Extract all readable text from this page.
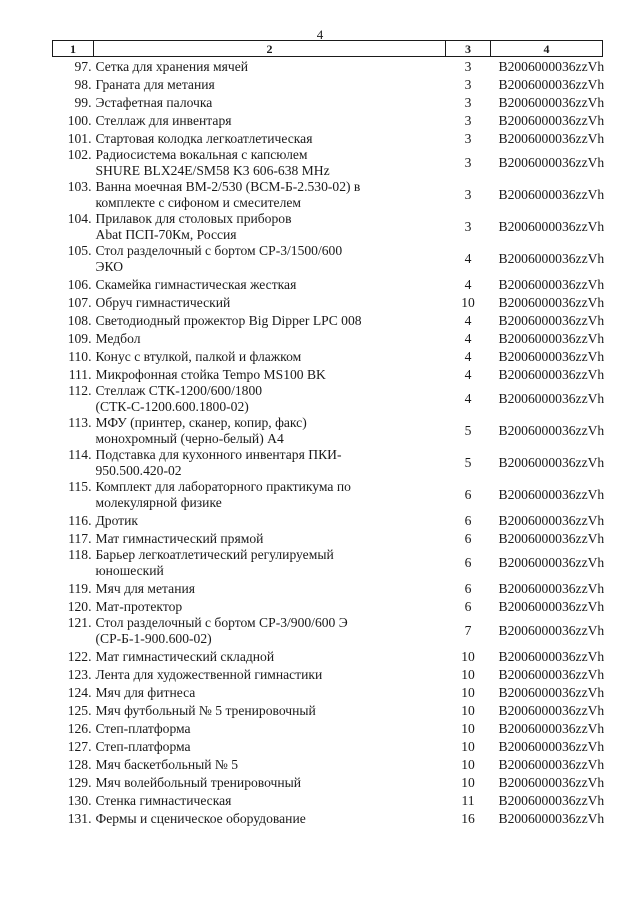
4
1	2	3	4
97.	Сетка для хранения мячей	3	B2006000036zzVh
98.	Граната для метания	3	B2006000036zzVh
99.	Эстафетная палочка	3	B2006000036zzVh
100.	Стеллаж для инвентаря	3	B2006000036zzVh
101.	Стартовая колодка легкоатлетическая	3	B2006000036zzVh
102.	Радиосистема вокальная с капсюлем
SHURE BLX24E/SM58 K3 606-638 MHz	3	B2006000036zzVh
103.	Ванна моечная ВМ-2/530 (ВСМ-Б-2.530-02) в
комплекте с сифоном и смесителем	3	B2006000036zzVh
104.	Прилавок для столовых приборов
Abat ПСП-70Км, Россия	3	B2006000036zzVh
105.	Стол разделочный с бортом СР-3/1500/600
ЭКО	4	B2006000036zzVh
106.	Скамейка гимнастическая жесткая	4	B2006000036zzVh
107.	Обруч гимнастический	10	B2006000036zzVh
108.	Светодиодный прожектор Big Dipper LPC 008	4	B2006000036zzVh
109.	Медбол	4	B2006000036zzVh
110.	Конус с втулкой, палкой и флажком	4	B2006000036zzVh
111.	Микрофонная стойка Tempo MS100 BK	4	B2006000036zzVh
112.	Стеллаж СТК-1200/600/1800
(СТК-С-1200.600.1800-02)	4	B2006000036zzVh
113.	МФУ (принтер, сканер, копир, факс)
монохромный (черно-белый) А4	5	B2006000036zzVh
114.	Подставка для кухонного инвентаря ПКИ-
950.500.420-02	5	B2006000036zzVh
115.	Комплект для лабораторного практикума по
молекулярной физике	6	B2006000036zzVh
116.	Дротик	6	B2006000036zzVh
117.	Мат гимнастический прямой	6	B2006000036zzVh
118.	Барьер легкоатлетический регулируемый
юношеский	6	B2006000036zzVh
119.	Мяч для метания	6	B2006000036zzVh
120.	Мат-протектор	6	B2006000036zzVh
121.	Стол разделочный с бортом СР-3/900/600 Э
(СР-Б-1-900.600-02)	7	B2006000036zzVh
122.	Мат гимнастический складной	10	B2006000036zzVh
123.	Лента для художественной гимнастики	10	B2006000036zzVh
124.	Мяч для фитнеса	10	B2006000036zzVh
125.	Мяч футбольный № 5 тренировочный	10	B2006000036zzVh
126.	Степ-платформа	10	B2006000036zzVh
127.	Степ-платформа	10	B2006000036zzVh
128.	Мяч баскетбольный № 5	10	B2006000036zzVh
129.	Мяч волейбольный тренировочный	10	B2006000036zzVh
130.	Стенка гимнастическая	11	B2006000036zzVh
131.	Фермы и сценическое оборудование	16	B2006000036zzVh
